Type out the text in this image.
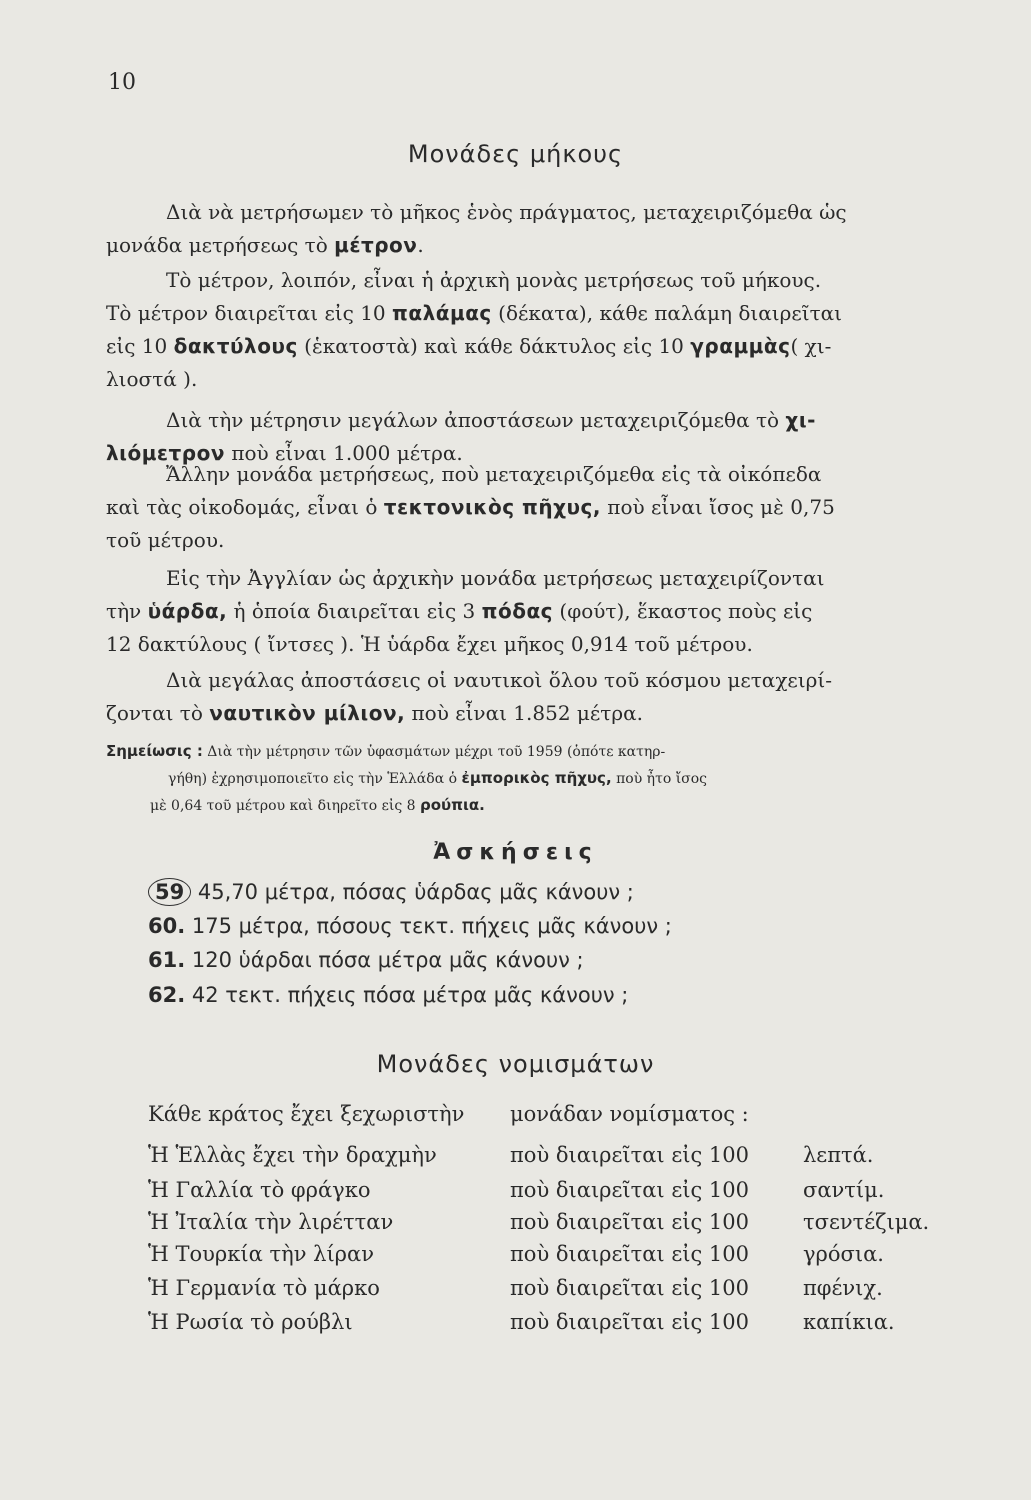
10
Μονάδες μήκους
Διὰ νὰ μετρήσωμεν τὸ μῆκος ἑνὸς πράγματος, μεταχειριζόμεθα ὡς
μονάδα μετρήσεως τὸ μέτρον.
Τὸ μέτρον, λοιπόν, εἶναι ἡ ἀρχικὴ μονὰς μετρήσεως τοῦ μήκους.
Τὸ μέτρον διαιρεῖται εἰς 10 παλάμας (δέκατα), κάθε παλάμη διαιρεῖται
εἰς 10 δακτύλους (ἑκατοστὰ) καὶ κάθε δάκτυλος εἰς 10 γραμμὰς( χι-
λιοστά ).
Διὰ τὴν μέτρησιν μεγάλων ἀποστάσεων μεταχειριζόμεθα τὸ χι-
λιόμετρον ποὺ εἶναι 1.000 μέτρα.
Ἄλλην μονάδα μετρήσεως, ποὺ μεταχειριζόμεθα εἰς τὰ οἰκόπεδα
καὶ τὰς οἰκοδομάς, εἶναι ὁ τεκτονικὸς πῆχυς, ποὺ εἶναι ἴσος μὲ 0,75
τοῦ μέτρου.
Εἰς τὴν Ἀγγλίαν ὡς ἀρχικὴν μονάδα μετρήσεως μεταχειρίζονται
τὴν ὑάρδα, ἡ ὁποία διαιρεῖται εἰς 3 πόδας (φούτ), ἕκαστος ποὺς εἰς
12 δακτύλους ( ἴντσες ). Ἡ ὑάρδα ἔχει μῆκος 0,914 τοῦ μέτρου.
Διὰ μεγάλας ἀποστάσεις οἱ ναυτικοὶ ὅλου τοῦ κόσμου μεταχειρί-
ζονται τὸ ναυτικὸν μίλιον, ποὺ εἶναι 1.852 μέτρα.
Σημείωσις : Διὰ τὴν μέτρησιν τῶν ὑφασμάτων μέχρι τοῦ 1959 (ὁπότε κατηρ-
γήθη) ἐχρησιμοποιεῖτο εἰς τὴν Ἑλλάδα ὁ ἐμπορικὸς πῆχυς, ποὺ ἦτο ἴσος
μὲ 0,64 τοῦ μέτρου καὶ διηρεῖτο εἰς 8 ρούπια.
Ἀσκήσεις
59 45,70 μέτρα, πόσας ὑάρδας μᾶς κάνουν ;
60. 175 μέτρα, πόσους τεκτ. πήχεις μᾶς κάνουν ;
61. 120 ὑάρδαι πόσα μέτρα μᾶς κάνουν ;
62. 42 τεκτ. πήχεις πόσα μέτρα μᾶς κάνουν ;
Μονάδες νομισμάτων
Κάθε κράτος ἔχει ξεχωριστὴν μονάδαν νομίσματος :
Ἡ Ἑλλὰς ἔχει τὴν δραχμὴν	ποὺ διαιρεῖται εἰς 100	λεπτά.
Ἡ Γαλλία τὸ φράγκο	ποὺ διαιρεῖται εἰς 100	σαντίμ.
Ἡ Ἰταλία τὴν λιρέτταν	ποὺ διαιρεῖται εἰς 100	τσεντέζιμα.
Ἡ Τουρκία τὴν λίραν	ποὺ διαιρεῖται εἰς 100	γρόσια.
Ἡ Γερμανία τὸ μάρκο	ποὺ διαιρεῖται εἰς 100	πφένιχ.
Ἡ Ρωσία τὸ ρούβλι	ποὺ διαιρεῖται εἰς 100	καπίκια.
